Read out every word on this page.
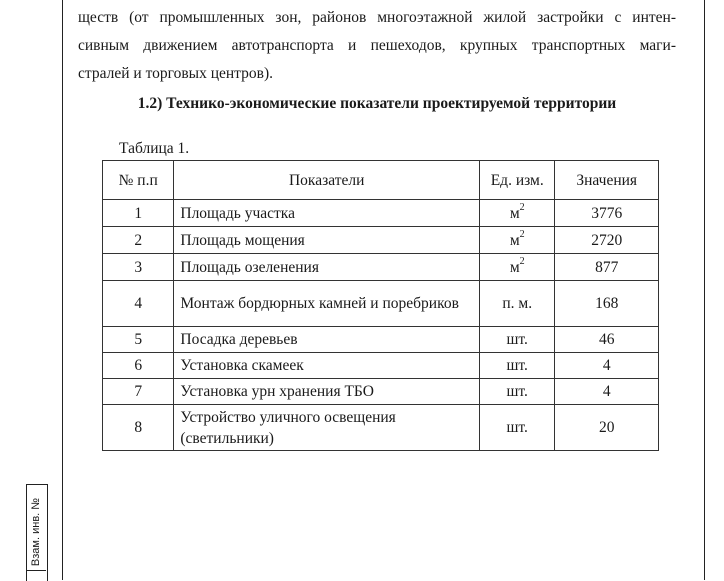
Взам. инв. №
ществ (от промышленных зон, районов многоэтажной жилой застройки с интен-
сивным движением автотранспорта и пешеходов, крупных транспортных маги-
стралей и торговых центров).
1.2) Технико-экономические показатели проектируемой территории
Таблица 1.
№ п.п	Показатели	Ед. изм.	Значения
1	Площадь участка	$м^2$	3776
2	Площадь мощения	$м^2$	2720
3	Площадь озеленения	$м^2$	877
4	Монтаж бордюрных камней и поребриков	п. м.	168
5	Посадка деревьев	шт.	46
6	Установка скамеек	шт.	4
7	Установка урн хранения ТБО	шт.	4
8	Устройство уличного освещения (светильники)	шт.	20
